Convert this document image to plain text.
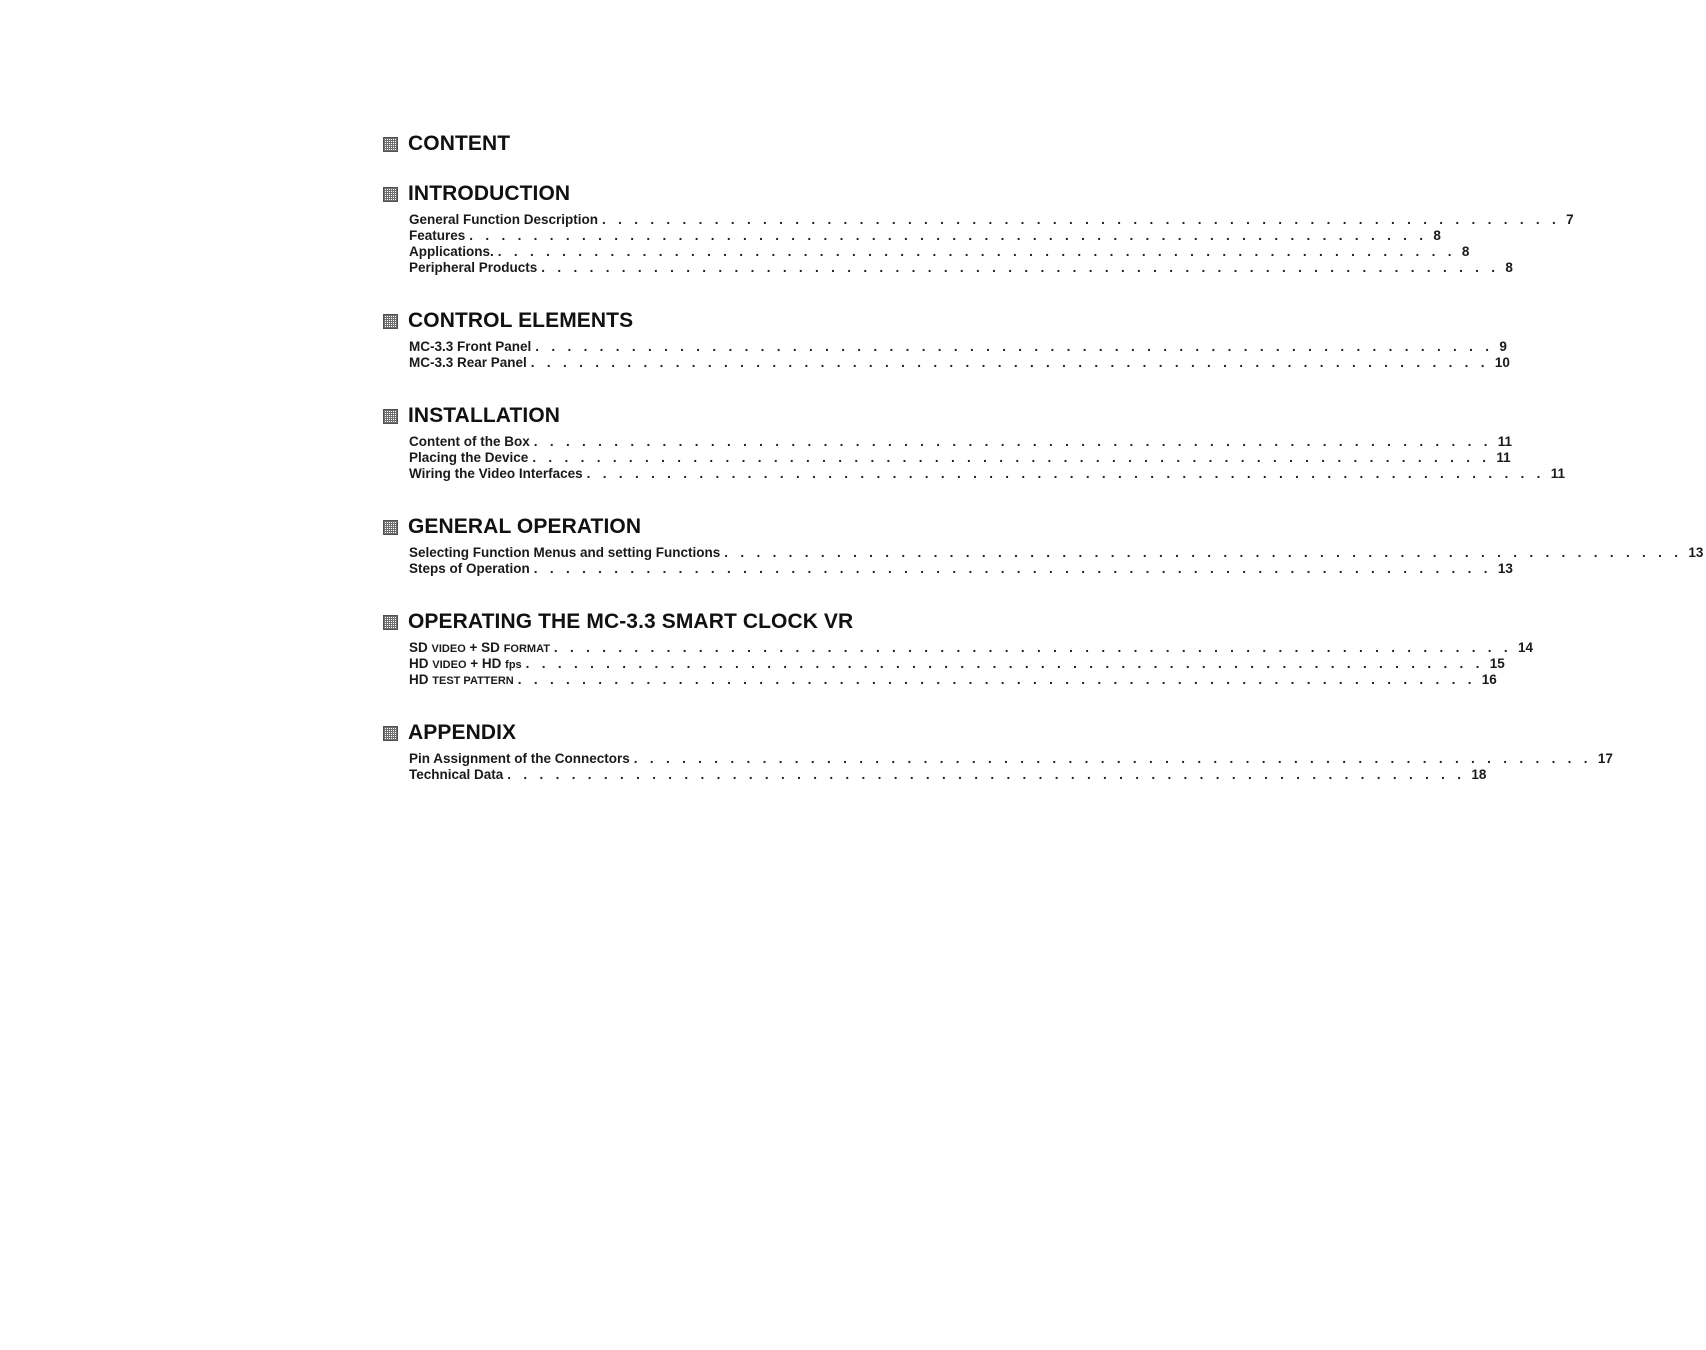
CONTENT
INTRODUCTION
General Function Description . . . . . . . . . . . . . . . . . . . . . . . . . . . . . . . . . . . . . . . . . . . . . . . . . . . . . . . . . . . . 7
Features . . . . . . . . . . . . . . . . . . . . . . . . . . . . . . . . . . . . . . . . . . . . . . . . . . . . . . . . . . . . 8
Applications. . . . . . . . . . . . . . . . . . . . . . . . . . . . . . . . . . . . . . . . . . . . . . . . . . . . . . . . . . . . . 8
Peripheral Products . . . . . . . . . . . . . . . . . . . . . . . . . . . . . . . . . . . . . . . . . . . . . . . . . . . . . . . . . . . . 8
CONTROL ELEMENTS
MC-3.3 Front Panel . . . . . . . . . . . . . . . . . . . . . . . . . . . . . . . . . . . . . . . . . . . . . . . . . . . . . . . . . . . . 9
MC-3.3 Rear Panel . . . . . . . . . . . . . . . . . . . . . . . . . . . . . . . . . . . . . . . . . . . . . . . . . . . . . . . . . . . . 10
INSTALLATION
Content of the Box . . . . . . . . . . . . . . . . . . . . . . . . . . . . . . . . . . . . . . . . . . . . . . . . . . . . . . . . . . . . 11
Placing the Device . . . . . . . . . . . . . . . . . . . . . . . . . . . . . . . . . . . . . . . . . . . . . . . . . . . . . . . . . . . . 11
Wiring the Video Interfaces . . . . . . . . . . . . . . . . . . . . . . . . . . . . . . . . . . . . . . . . . . . . . . . . . . . . . . . . . . . . 11
GENERAL OPERATION
Selecting Function Menus and setting Functions . . . . . . . . . . . . . . . . . . . . . . . . . . . . . . . . . . . . . . . . . . . . . . . . . . . . . . . . . . . . 13
Steps of Operation . . . . . . . . . . . . . . . . . . . . . . . . . . . . . . . . . . . . . . . . . . . . . . . . . . . . . . . . . . . . 13
OPERATING THE MC-3.3 SMART CLOCK VR
SD VIDEO + SD FORMAT . . . . . . . . . . . . . . . . . . . . . . . . . . . . . . . . . . . . . . . . . . . . . . . . . . . . . . . . . . . . 14
HD VIDEO + HD fps . . . . . . . . . . . . . . . . . . . . . . . . . . . . . . . . . . . . . . . . . . . . . . . . . . . . . . . . . . . . 15
HD TEST PATTERN . . . . . . . . . . . . . . . . . . . . . . . . . . . . . . . . . . . . . . . . . . . . . . . . . . . . . . . . . . . . 16
APPENDIX
Pin Assignment of the Connectors . . . . . . . . . . . . . . . . . . . . . . . . . . . . . . . . . . . . . . . . . . . . . . . . . . . . . . . . . . . . 17
Technical Data . . . . . . . . . . . . . . . . . . . . . . . . . . . . . . . . . . . . . . . . . . . . . . . . . . . . . . . . . . . . 18
